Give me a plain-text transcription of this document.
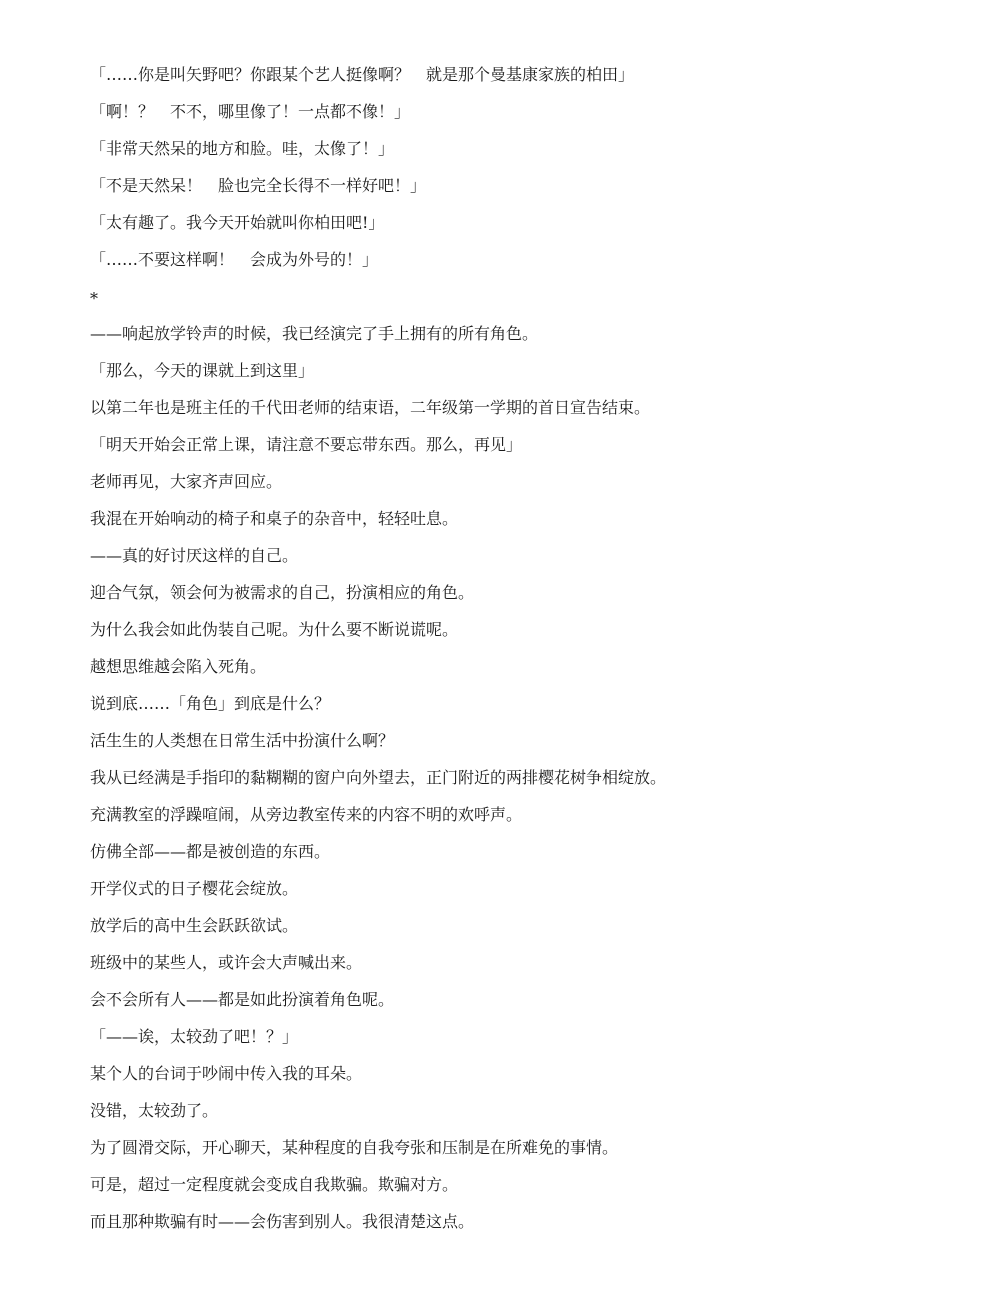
「……你是叫矢野吧？你跟某个艺人挺像啊？　就是那个曼基康家族的柏田」

「啊！？　不不，哪里像了！一点都不像！」

「非常天然呆的地方和脸。哇，太像了！」

「不是天然呆！　脸也完全长得不一样好吧！」

「太有趣了。我今天开始就叫你柏田吧!」

「……不要这样啊！　会成为外号的！」

*

——响起放学铃声的时候，我已经演完了手上拥有的所有角色。

「那么，今天的课就上到这里」

以第二年也是班主任的千代田老师的结束语，二年级第一学期的首日宣告结束。

「明天开始会正常上课，请注意不要忘带东西。那么，再见」

老师再见，大家齐声回应。

我混在开始响动的椅子和桌子的杂音中，轻轻吐息。

——真的好讨厌这样的自己。

迎合气氛，领会何为被需求的自己，扮演相应的角色。

为什么我会如此伪装自己呢。为什么要不断说谎呢。

越想思维越会陷入死角。

说到底……「角色」到底是什么？

活生生的人类想在日常生活中扮演什么啊？

我从已经满是手指印的黏糊糊的窗户向外望去，正门附近的两排樱花树争相绽放。

充满教室的浮躁喧闹，从旁边教室传来的内容不明的欢呼声。

仿佛全部——都是被创造的东西。

开学仪式的日子樱花会绽放。

放学后的高中生会跃跃欲试。

班级中的某些人，或许会大声喊出来。

会不会所有人——都是如此扮演着角色呢。

「——诶，太较劲了吧！？」

某个人的台词于吵闹中传入我的耳朵。

没错，太较劲了。

为了圆滑交际，开心聊天，某种程度的自我夸张和压制是在所难免的事情。

可是，超过一定程度就会变成自我欺骗。欺骗对方。

而且那种欺骗有时——会伤害到别人。我很清楚这点。
